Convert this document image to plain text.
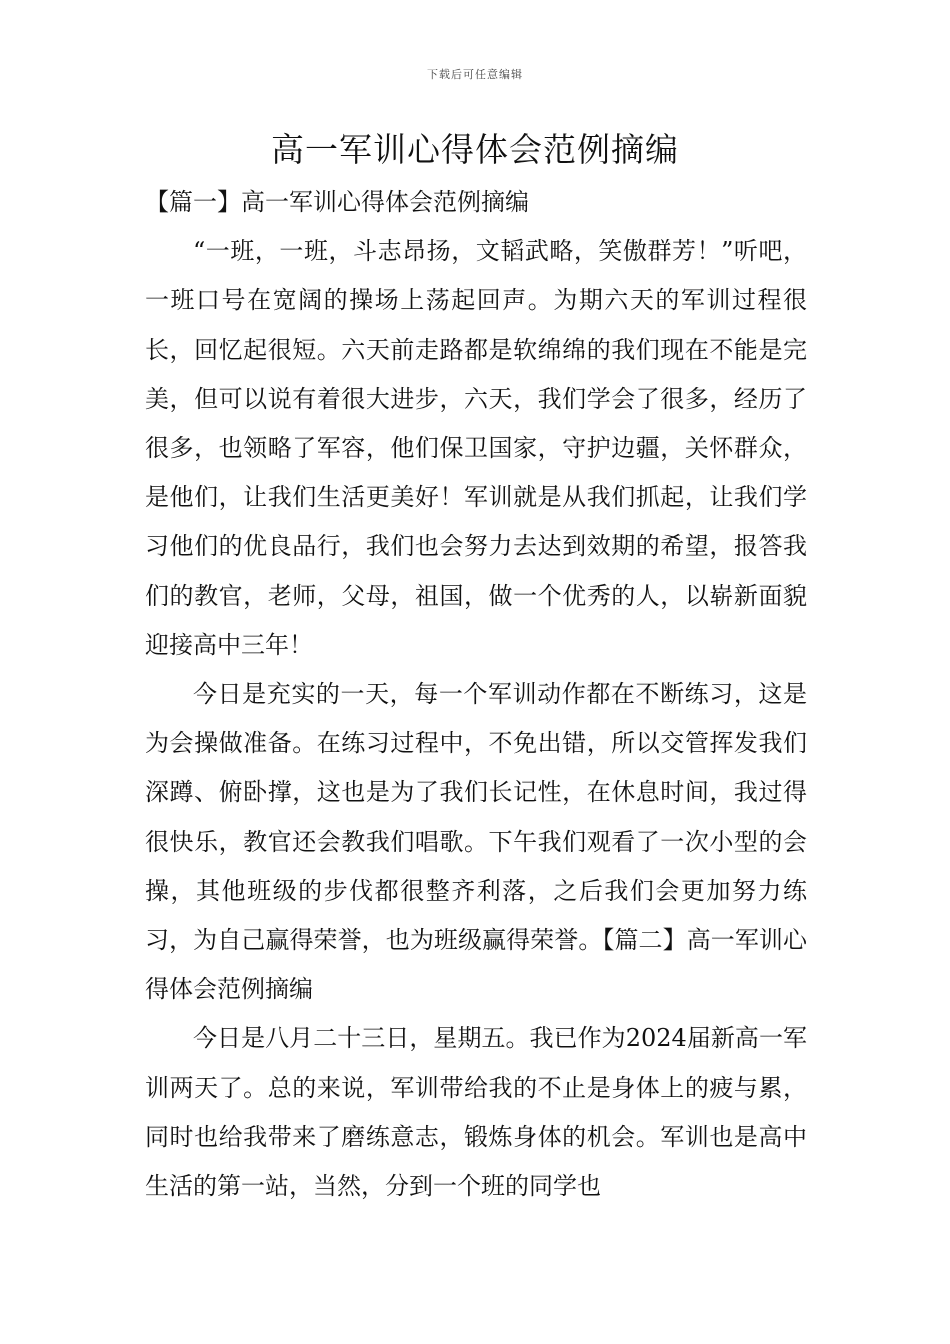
下载后可任意编辑
高一军训心得体会范例摘编

【篇一】高一军训心得体会范例摘编

“一班，一班，斗志昂扬，文韬武略，笑傲群芳！”听吧，一班口号在宽阔的操场上荡起回声。为期六天的军训过程很长，回忆起很短。六天前走路都是软绵绵的我们现在不能是完美，但可以说有着很大进步，六天，我们学会了很多，经历了很多，也领略了军容，他们保卫国家，守护边疆，关怀群众，是他们，让我们生活更美好！军训就是从我们抓起，让我们学习他们的优良品行，我们也会努力去达到效期的希望，报答我们的教官，老师，父母，祖国，做一个优秀的人，以崭新面貌迎接高中三年！

今日是充实的一天，每一个军训动作都在不断练习，这是为会操做准备。在练习过程中，不免出错，所以交管挥发我们深蹲、俯卧撑，这也是为了我们长记性，在休息时间，我过得很快乐，教官还会教我们唱歌。下午我们观看了一次小型的会操，其他班级的步伐都很整齐利落，之后我们会更加努力练习，为自己赢得荣誉，也为班级赢得荣誉。【篇二】高一军训心得体会范例摘编

今日是八月二十三日，星期五。我已作为2024届新高一军训两天了。总的来说，军训带给我的不止是身体上的疲与累，同时也给我带来了磨练意志，锻炼身体的机会。军训也是高中生活的第一站，当然，分到一个班的同学也
